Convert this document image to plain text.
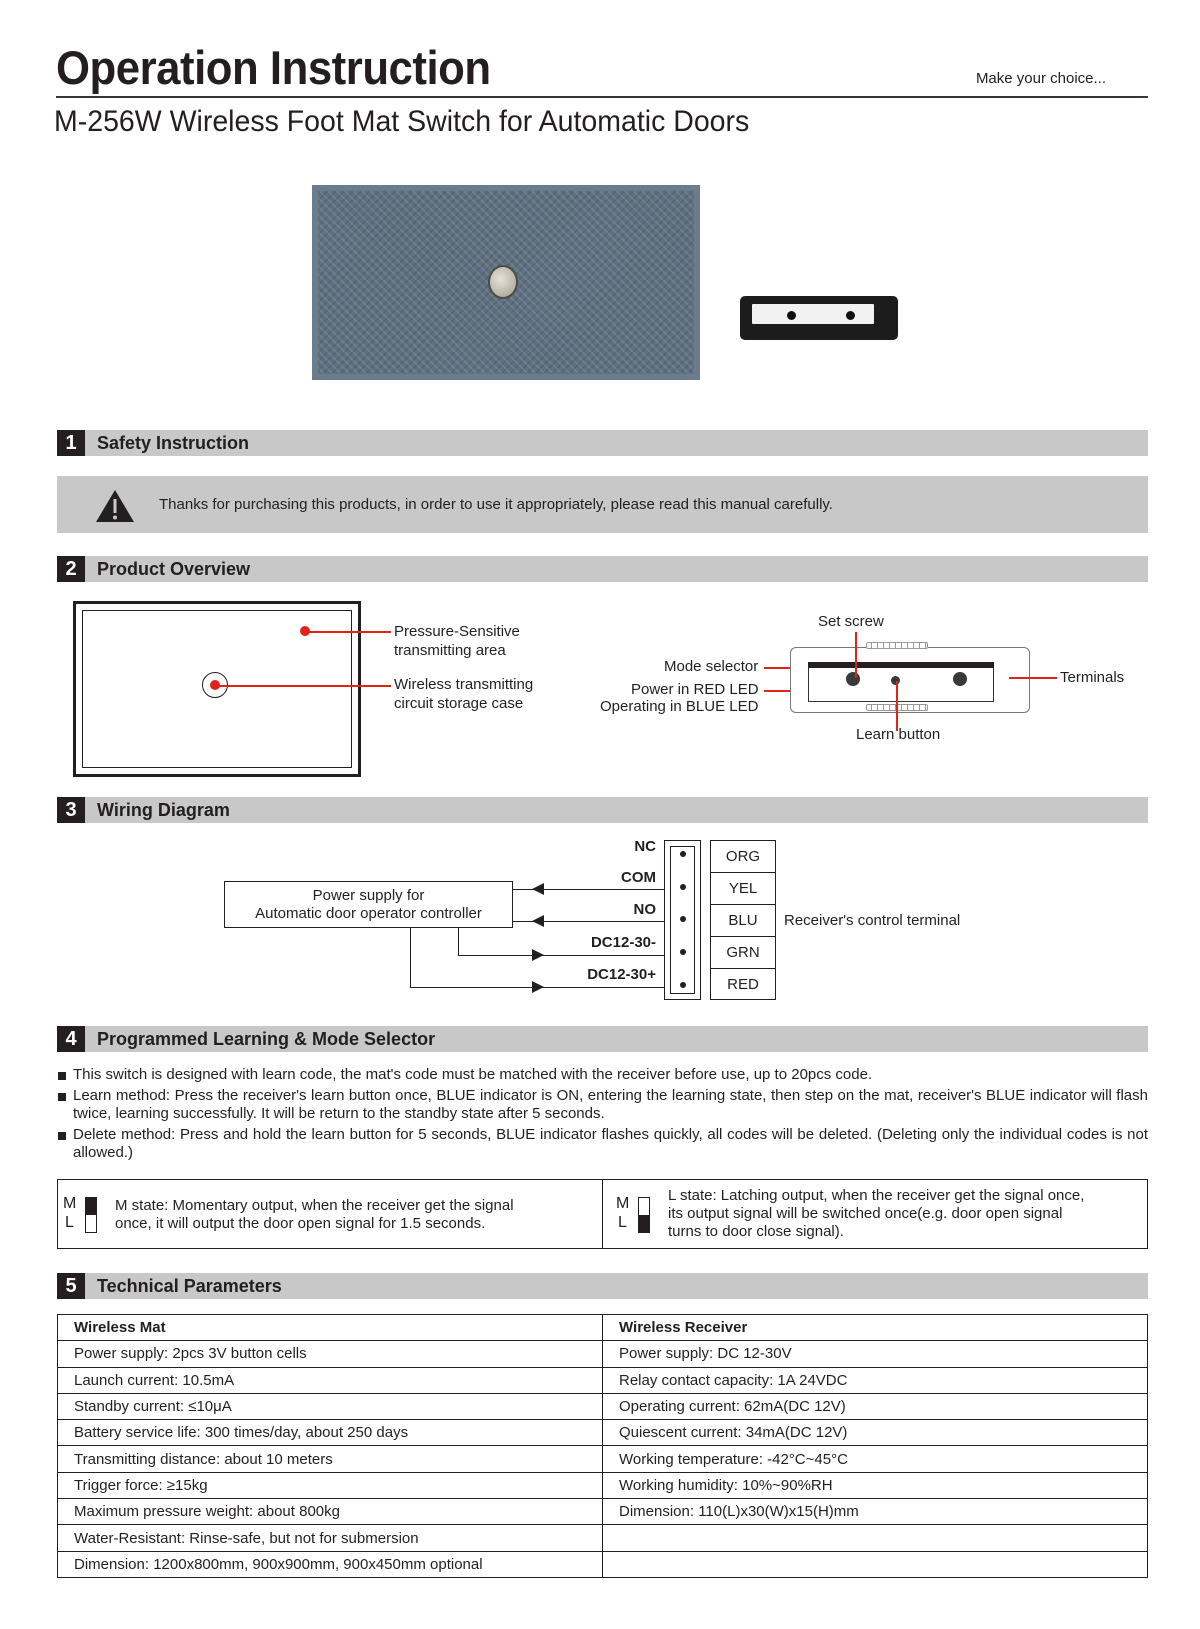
Operation Instruction	Make your choice...
M-256W Wireless Foot Mat Switch for Automatic Doors
1	Safety Instruction
Thanks for purchasing this products, in order to use it appropriately, please read this manual carefully.
2	Product Overview
Pressure-Sensitive
transmitting area
Wireless transmitting
circuit storage case
Set screw
Mode selector
Power in RED LED
Operating in BLUE LED
Terminals
Learn button
3	Wiring Diagram
Power supply for
Automatic door operator controller
NC
COM
NO
DC12-30-
DC12-30+
ORG
YEL
BLU
GRN
RED
Receiver's control terminal
4	Programmed Learning & Mode Selector
This switch is designed with learn code, the mat's code must be matched with the receiver before use, up to 20pcs code.
Learn method: Press the receiver's learn button once, BLUE indicator is ON, entering the learning state, then step on the mat, receiver's BLUE indicator will flash twice, learning successfully. It will be return to the standby state after 5 seconds.
Delete method: Press and hold the learn button for 5 seconds, BLUE indicator flashes quickly, all codes will be deleted. (Deleting only the individual codes is not allowed.)
M
L
M state: Momentary output, when the receiver get the signal
once, it will output the door open signal for 1.5 seconds.
M
L
L state: Latching output, when the receiver get the signal once,
its output signal will be switched once(e.g. door open signal
turns to door close signal).
5	Technical Parameters
Wireless Mat	Wireless Receiver
Power supply: 2pcs 3V button cells	Power supply: DC 12-30V
Launch current: 10.5mA	Relay contact capacity: 1A 24VDC
Standby current: ≤10μA	Operating current: 62mA(DC 12V)
Battery service life: 300 times/day, about 250 days	Quiescent current: 34mA(DC 12V)
Transmitting distance: about 10 meters	Working temperature: -42°C~45°C
Trigger force: ≥15kg	Working humidity: 10%~90%RH
Maximum pressure weight: about 800kg	Dimension: 110(L)x30(W)x15(H)mm
Water-Resistant: Rinse-safe, but not for submersion	
Dimension: 1200x800mm, 900x900mm, 900x450mm optional	
